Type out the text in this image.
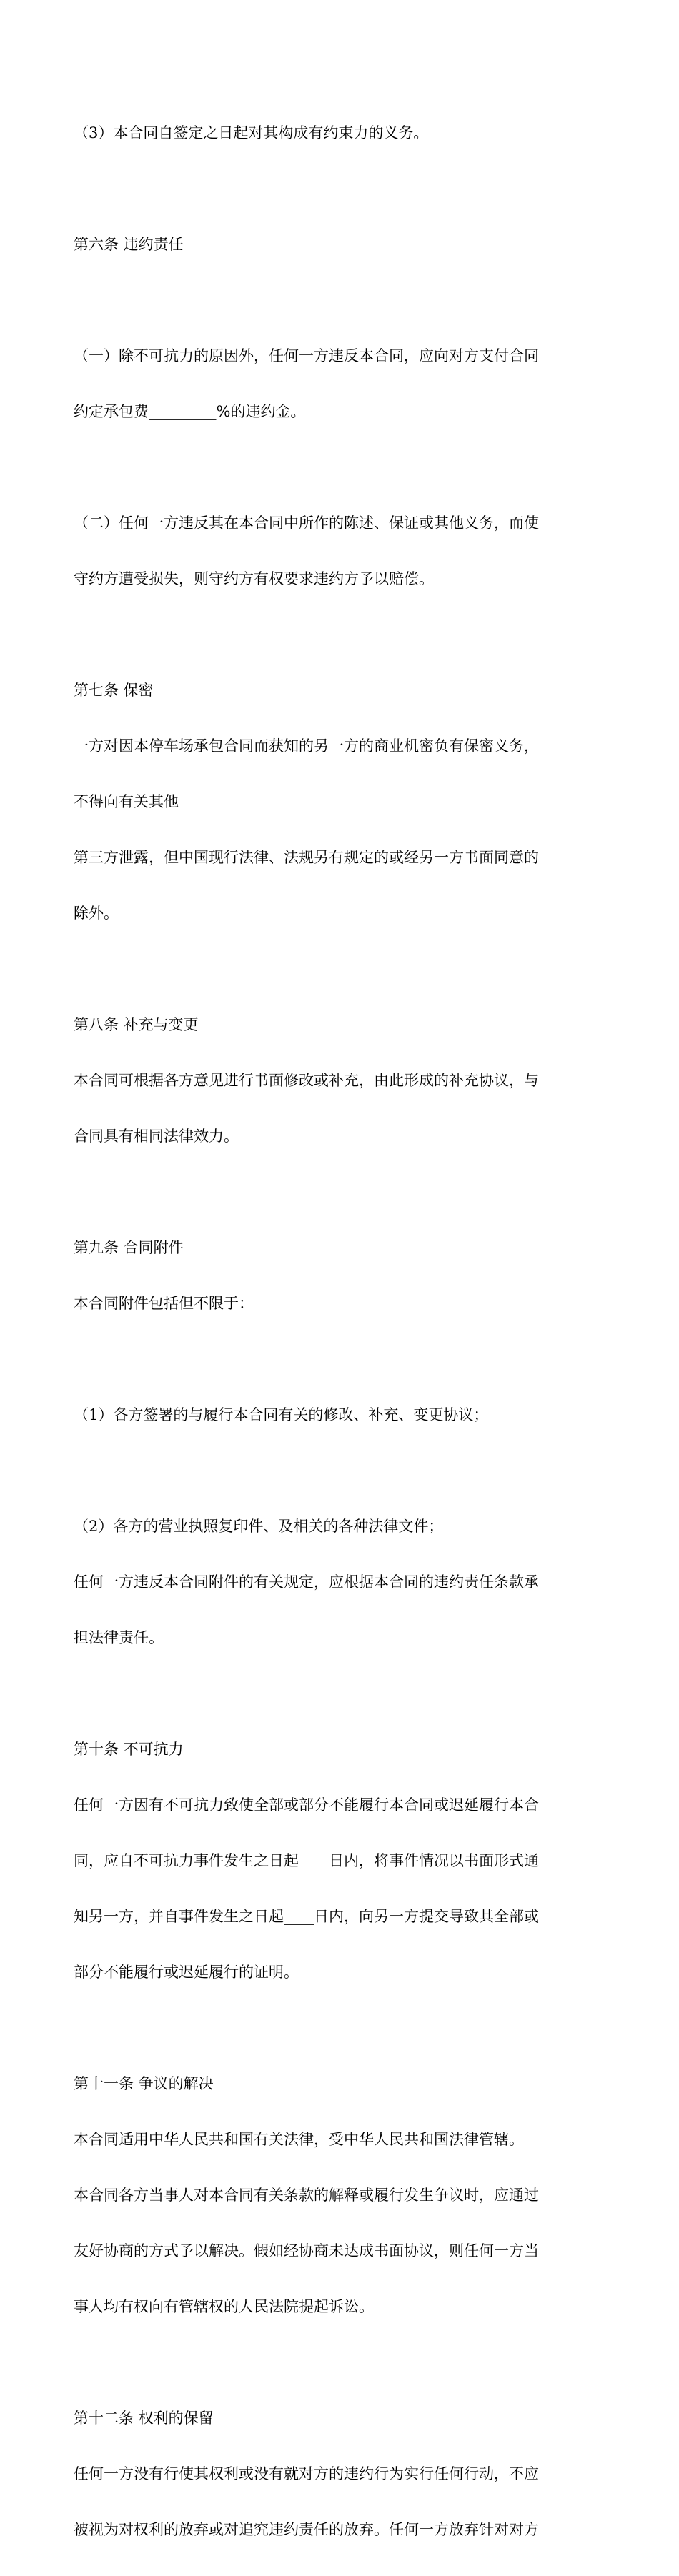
（3）本合同自签定之日起对其构成有约束力的义务。

第六条 违约责任

（一）除不可抗力的原因外，任何一方违反本合同，应向对方支付合同

约定承包费_________%的违约金。

（二）任何一方违反其在本合同中所作的陈述、保证或其他义务，而使

守约方遭受损失，则守约方有权要求违约方予以赔偿。

第七条 保密

一方对因本停车场承包合同而获知的另一方的商业机密负有保密义务，

不得向有关其他

第三方泄露，但中国现行法律、法规另有规定的或经另一方书面同意的

除外。

第八条 补充与变更

本合同可根据各方意见进行书面修改或补充，由此形成的补充协议，与

合同具有相同法律效力。

第九条 合同附件

本合同附件包括但不限于：

（1）各方签署的与履行本合同有关的修改、补充、变更协议；

（2）各方的营业执照复印件、及相关的各种法律文件；

任何一方违反本合同附件的有关规定，应根据本合同的违约责任条款承

担法律责任。

第十条 不可抗力

任何一方因有不可抗力致使全部或部分不能履行本合同或迟延履行本合

同，应自不可抗力事件发生之日起____日内，将事件情况以书面形式通

知另一方，并自事件发生之日起____日内，向另一方提交导致其全部或

部分不能履行或迟延履行的证明。

第十一条 争议的解决

本合同适用中华人民共和国有关法律，受中华人民共和国法律管辖。

本合同各方当事人对本合同有关条款的解释或履行发生争议时，应通过

友好协商的方式予以解决。假如经协商未达成书面协议，则任何一方当

事人均有权向有管辖权的人民法院提起诉讼。

第十二条 权利的保留

任何一方没有行使其权利或没有就对方的违约行为实行任何行动，不应

被视为对权利的放弃或对追究违约责任的放弃。任何一方放弃针对对方
